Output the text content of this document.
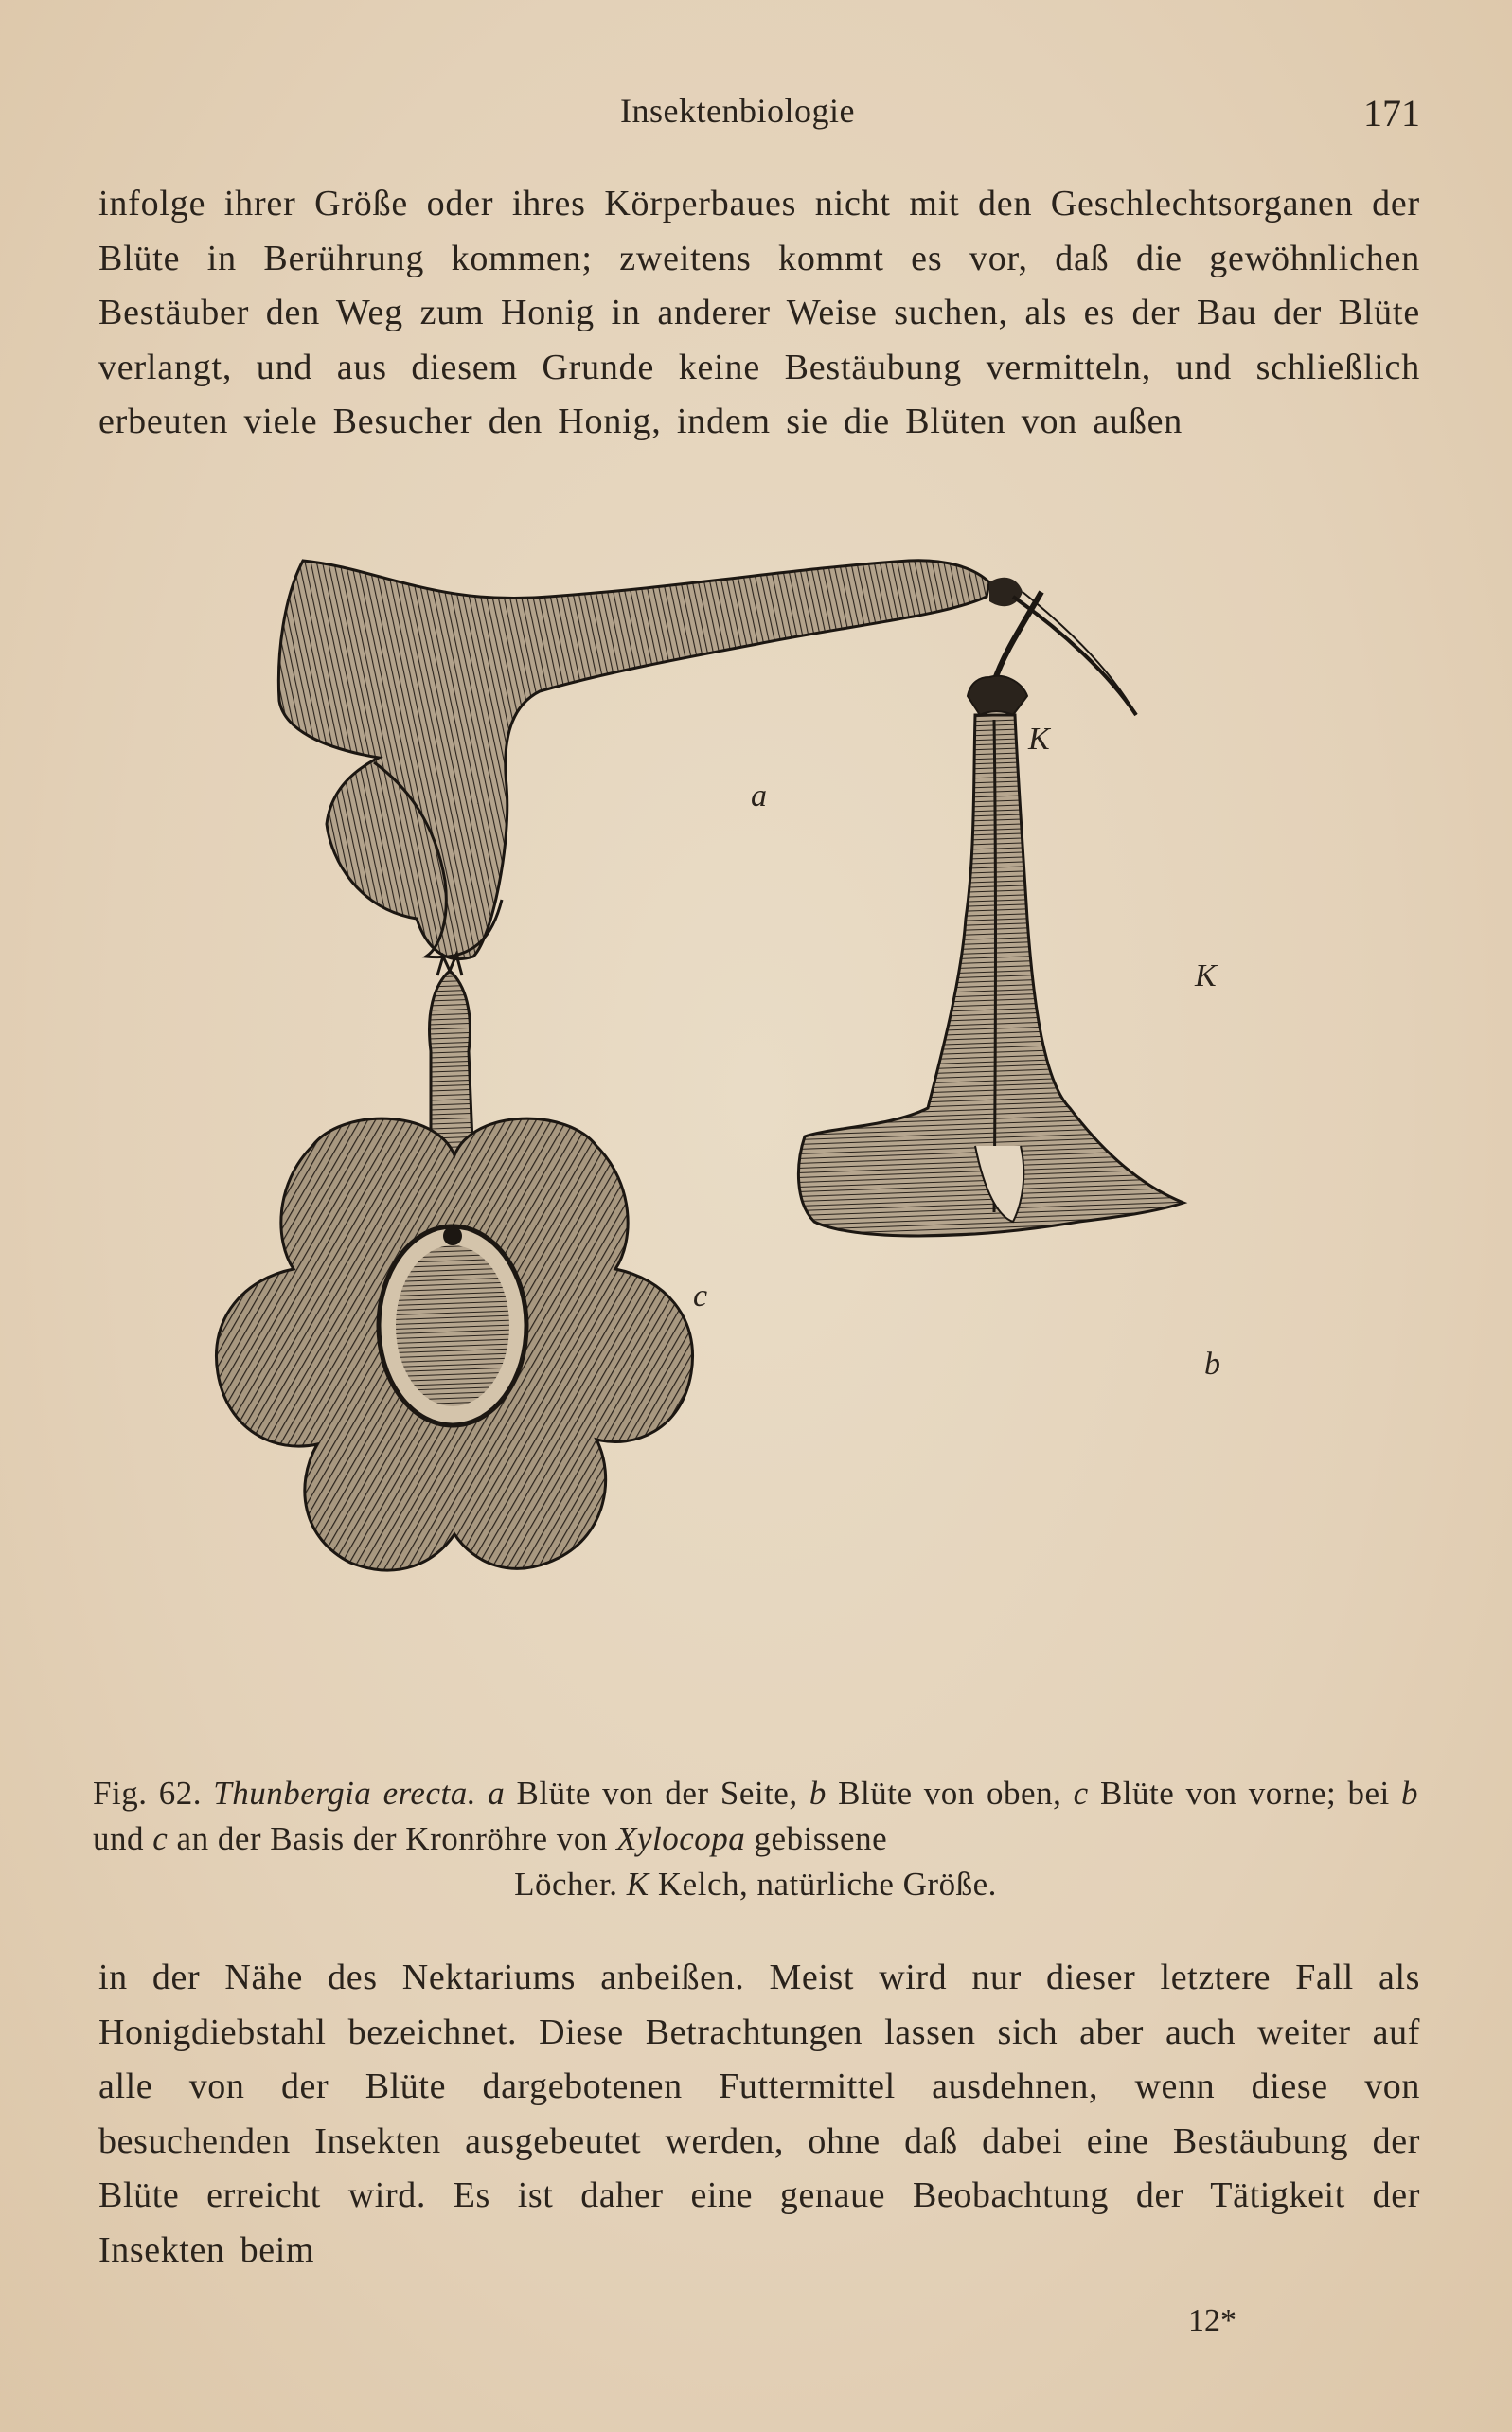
Insektenbiologie	171
infolge ihrer Größe oder ihres Körperbaues nicht mit den Geschlechtsorganen der Blüte in Berührung kommen; zweitens kommt es vor, daß die gewöhnlichen Bestäuber den Weg zum Honig in anderer Weise suchen, als es der Bau der Blüte verlangt, und aus diesem Grunde keine Bestäubung vermitteln, und schließlich erbeuten viele Besucher den Honig, indem sie die Blüten von außen
a
K
K
c
b
Fig. 62. Thunbergia erecta. a Blüte von der Seite, b Blüte von oben, c Blüte von vorne; bei b und c an der Basis der Kronröhre von Xylocopa gebissene
Löcher. K Kelch, natürliche Größe.
in der Nähe des Nektariums anbeißen. Meist wird nur dieser letztere Fall als Honigdiebstahl bezeichnet. Diese Betrachtungen lassen sich aber auch weiter auf alle von der Blüte dargebotenen Futtermittel ausdehnen, wenn diese von besuchenden Insekten ausgebeutet werden, ohne daß dabei eine Bestäubung der Blüte erreicht wird. Es ist daher eine genaue Beobachtung der Tätigkeit der Insekten beim
12*
